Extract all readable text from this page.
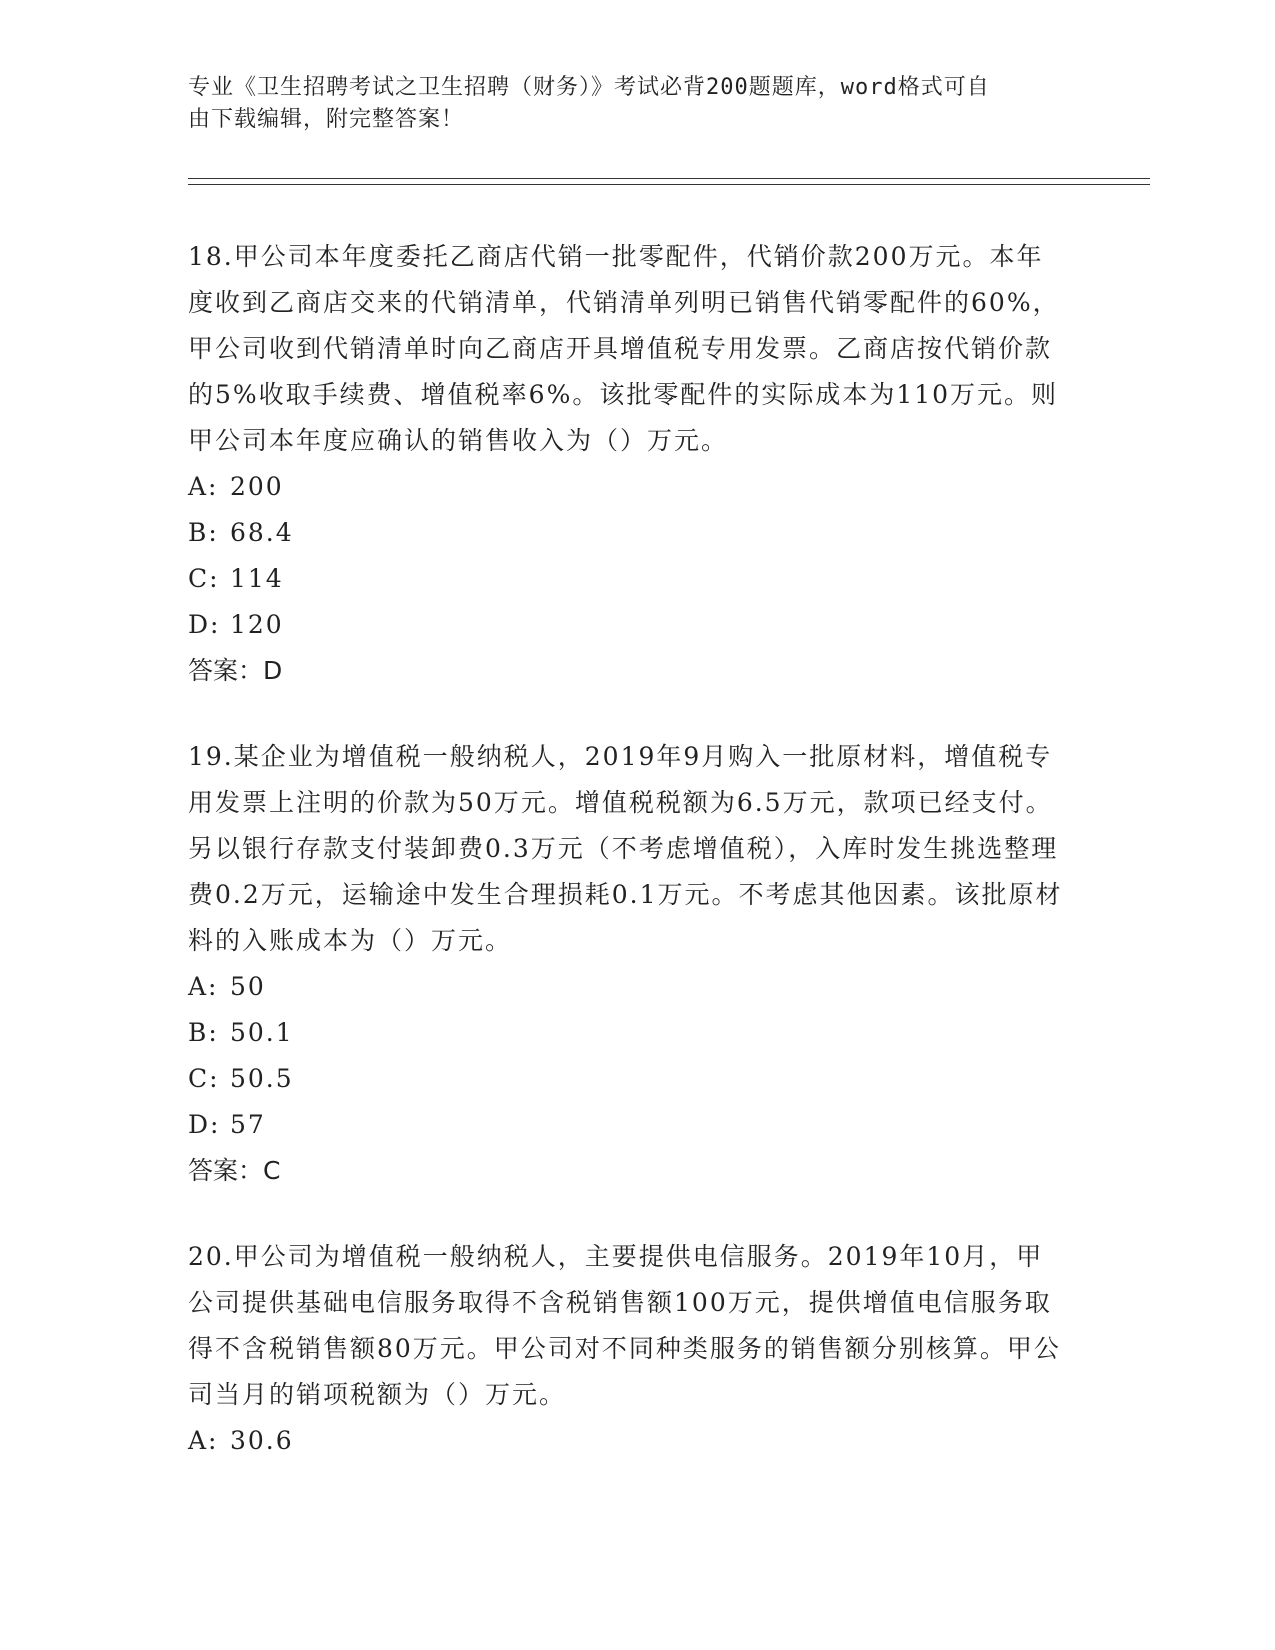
专业《卫生招聘考试之卫生招聘（财务）》考试必背200题题库，word格式可自
由下载编辑，附完整答案！

18.甲公司本年度委托乙商店代销一批零配件，代销价款200万元。本年度收到乙商店交来的代销清单，代销清单列明已销售代销零配件的60%，甲公司收到代销清单时向乙商店开具增值税专用发票。乙商店按代销价款的5%收取手续费、增值税率6%。该批零配件的实际成本为110万元。则甲公司本年度应确认的销售收入为（）万元。

A: 200

B: 68.4

C: 114

D: 120

答案：D

19.某企业为增值税一般纳税人，2019年9月购入一批原材料，增值税专用发票上注明的价款为50万元。增值税税额为6.5万元，款项已经支付。另以银行存款支付装卸费0.3万元（不考虑增值税），入库时发生挑选整理费0.2万元，运输途中发生合理损耗0.1万元。不考虑其他因素。该批原材料的入账成本为（）万元。

A: 50

B: 50.1

C: 50.5

D: 57

答案：C

20.甲公司为增值税一般纳税人，主要提供电信服务。2019年10月，甲公司提供基础电信服务取得不含税销售额100万元，提供增值电信服务取得不含税销售额80万元。甲公司对不同种类服务的销售额分别核算。甲公司当月的销项税额为（）万元。

A: 30.6
